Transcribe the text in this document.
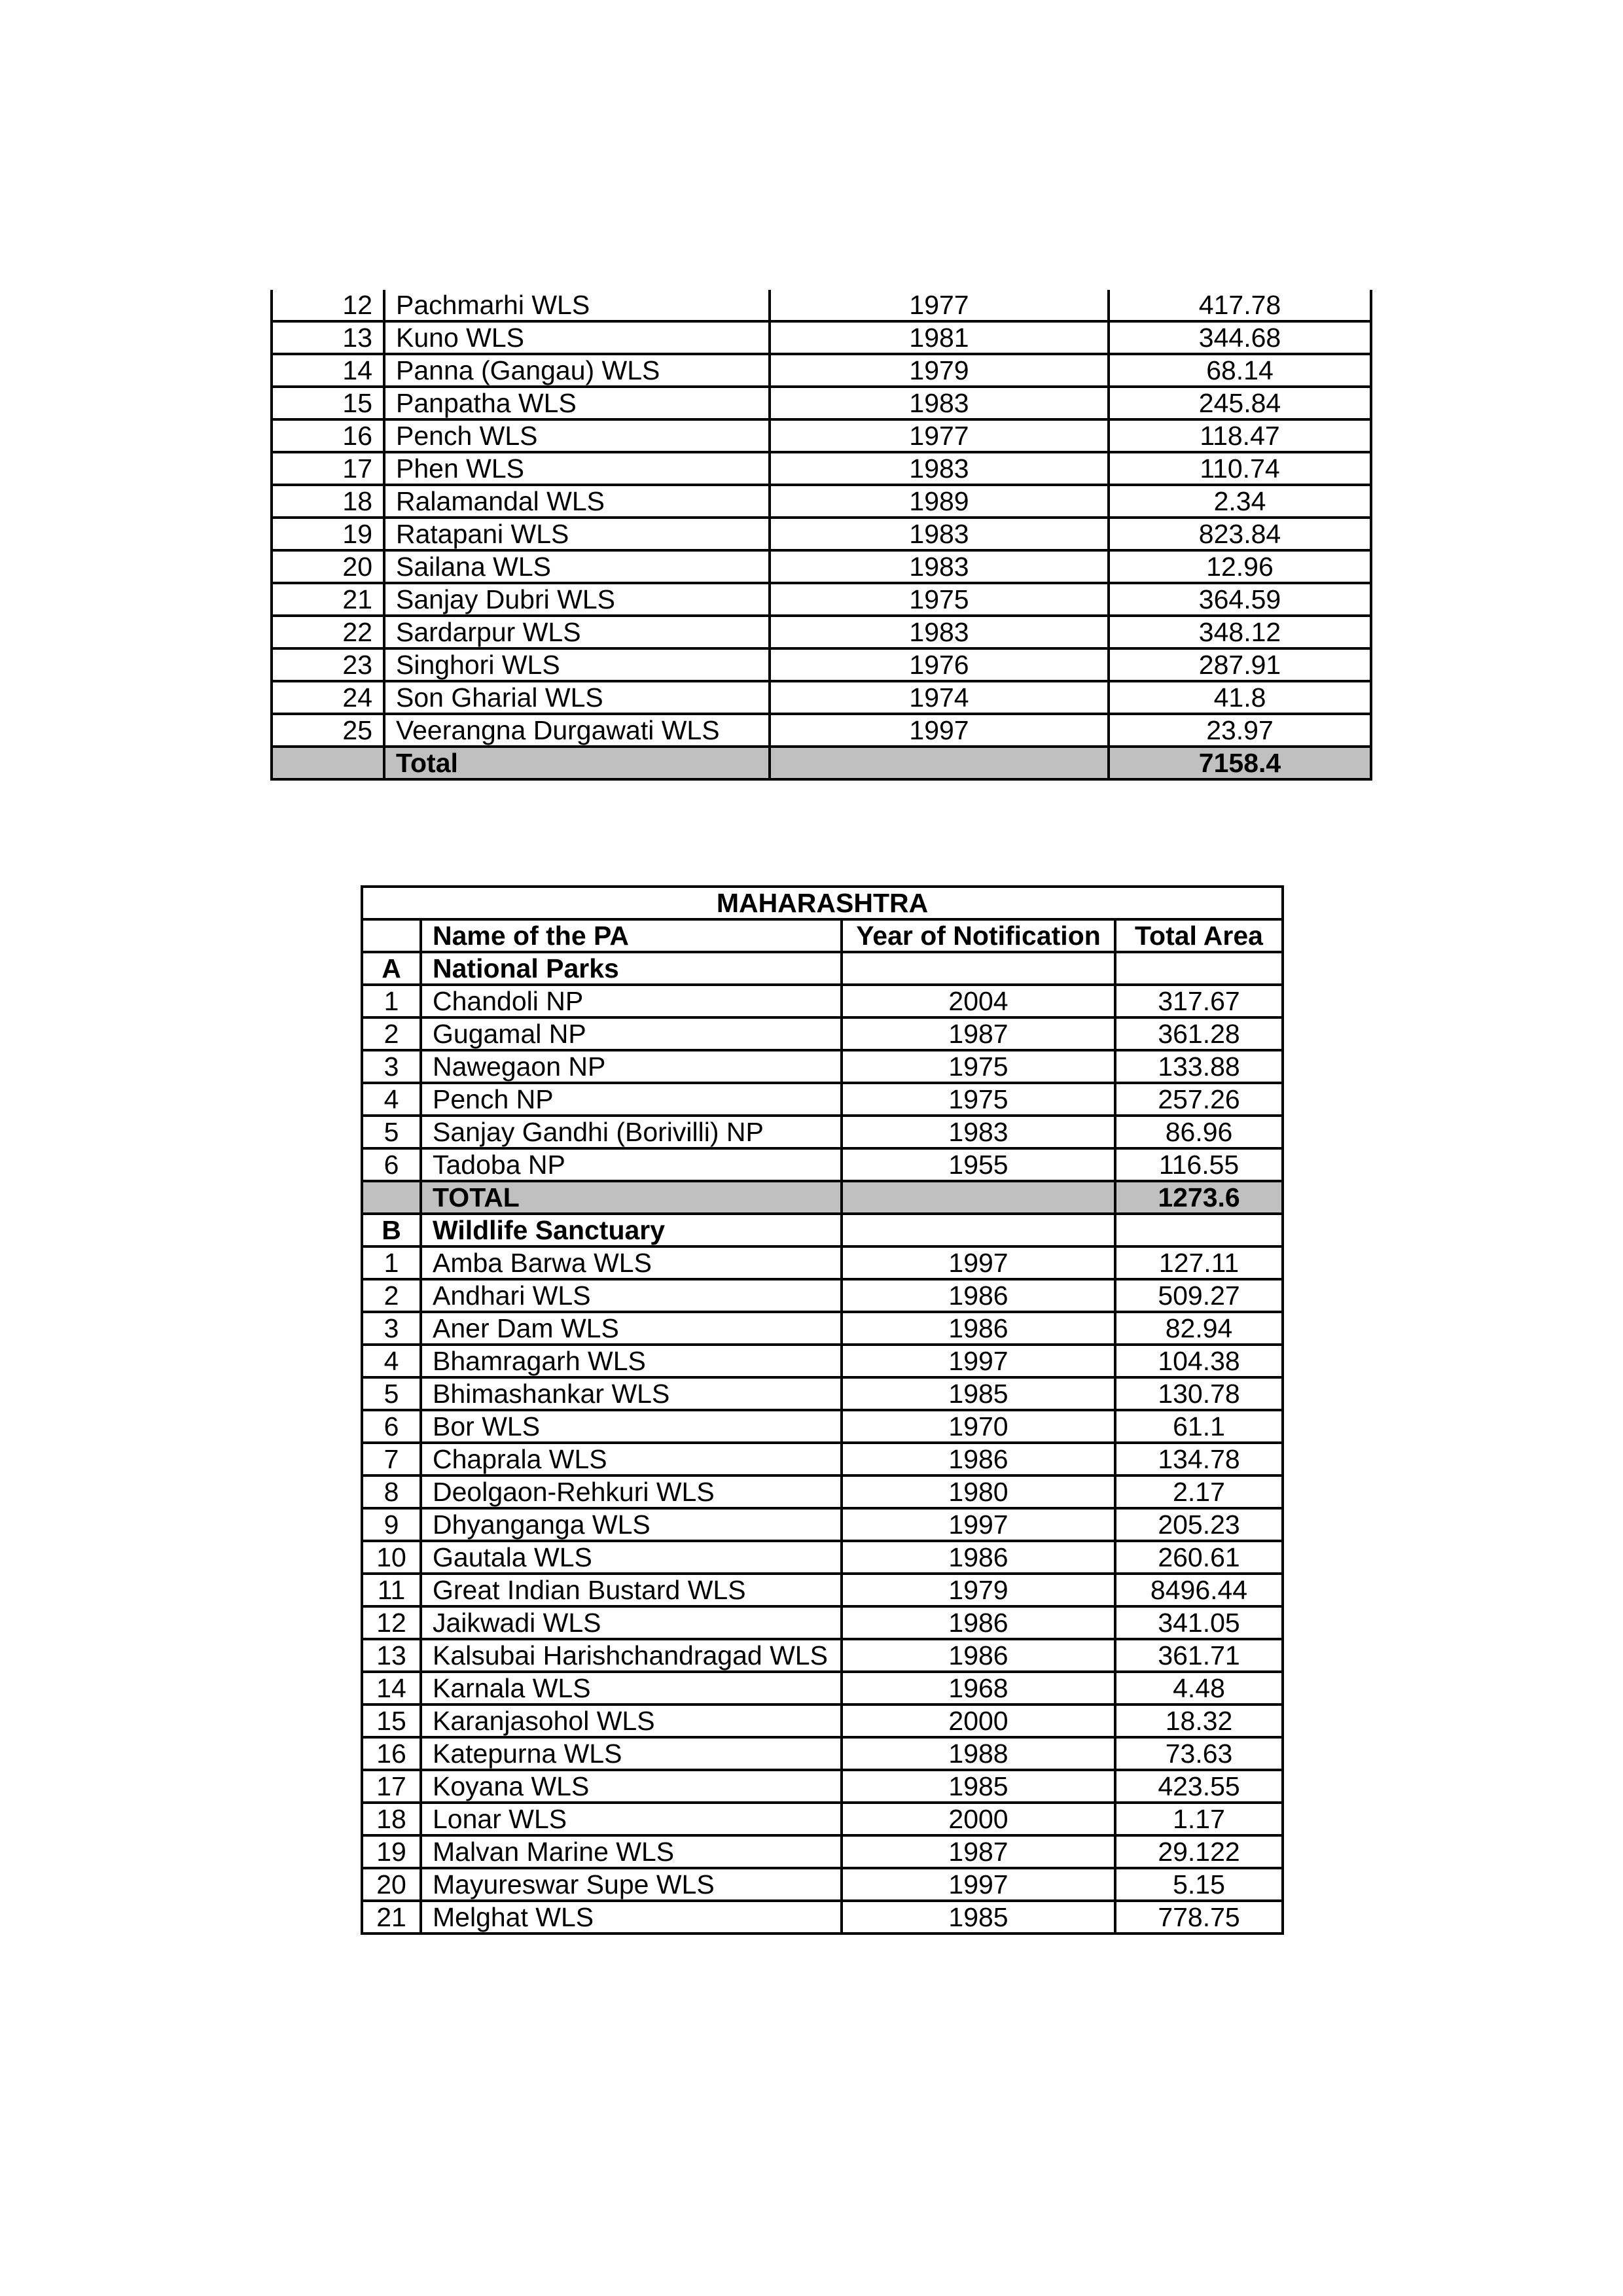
12	Pachmarhi WLS	1977	417.78
13	Kuno WLS	1981	344.68
14	Panna (Gangau) WLS	1979	68.14
15	Panpatha WLS	1983	245.84
16	Pench WLS	1977	118.47
17	Phen WLS	1983	110.74
18	Ralamandal WLS	1989	2.34
19	Ratapani WLS	1983	823.84
20	Sailana WLS	1983	12.96
21	Sanjay Dubri WLS	1975	364.59
22	Sardarpur WLS	1983	348.12
23	Singhori WLS	1976	287.91
24	Son Gharial WLS	1974	41.8
25	Veerangna Durgawati WLS	1997	23.97
	Total		7158.4
MAHARASHTRA			
	Name of the PA	Year of Notification	Total Area
A	National Parks		
1	Chandoli NP	2004	317.67
2	Gugamal NP	1987	361.28
3	Nawegaon NP	1975	133.88
4	Pench NP	1975	257.26
5	Sanjay Gandhi (Borivilli) NP	1983	86.96
6	Tadoba NP	1955	116.55
	TOTAL		1273.6
B	Wildlife Sanctuary		
1	Amba Barwa WLS	1997	127.11
2	Andhari WLS	1986	509.27
3	Aner Dam WLS	1986	82.94
4	Bhamragarh WLS	1997	104.38
5	Bhimashankar WLS	1985	130.78
6	Bor WLS	1970	61.1
7	Chaprala WLS	1986	134.78
8	Deolgaon-Rehkuri WLS	1980	2.17
9	Dhyanganga WLS	1997	205.23
10	Gautala WLS	1986	260.61
11	Great Indian Bustard WLS	1979	8496.44
12	Jaikwadi WLS	1986	341.05
13	Kalsubai Harishchandragad WLS	1986	361.71
14	Karnala WLS	1968	4.48
15	Karanjasohol WLS	2000	18.32
16	Katepurna WLS	1988	73.63
17	Koyana WLS	1985	423.55
18	Lonar WLS	2000	1.17
19	Malvan Marine WLS	1987	29.122
20	Mayureswar Supe WLS	1997	5.15
21	Melghat WLS	1985	778.75
